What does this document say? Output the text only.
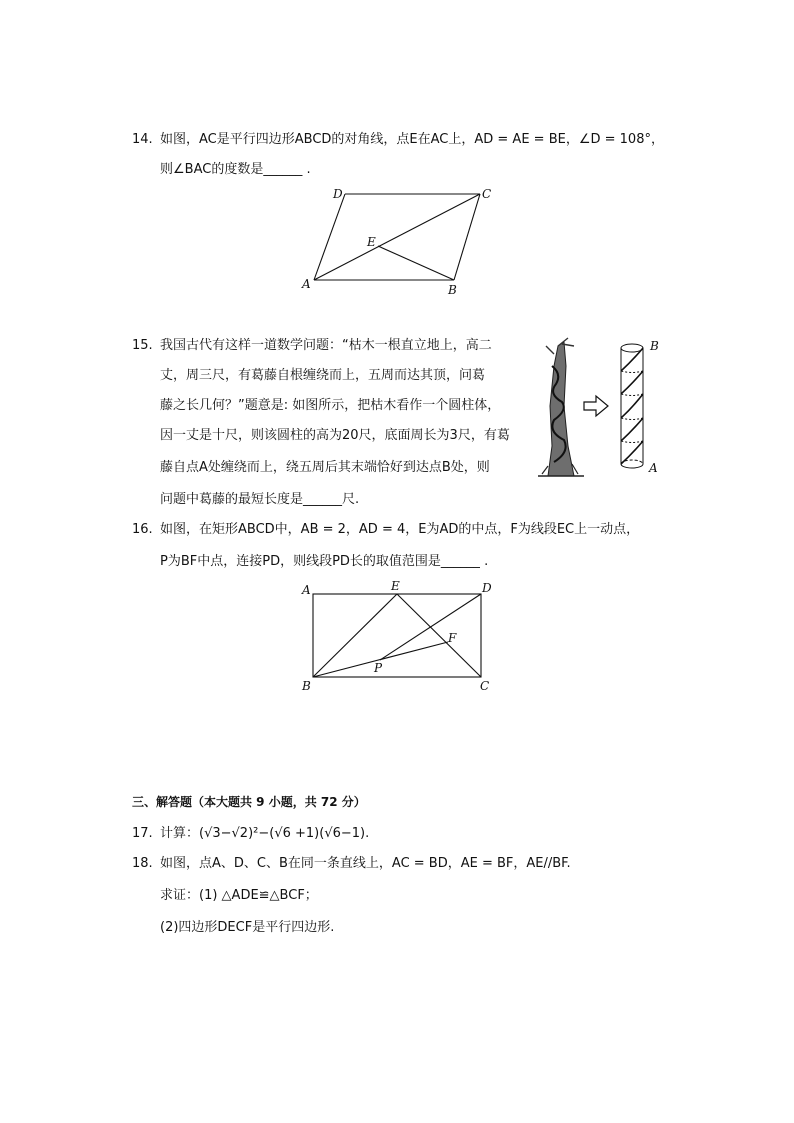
14. 如图，AC是平行四边形ABCD的对角线，点E在AC上，AD = AE = BE，∠D = 108°，
则∠BAC的度数是______ .
A	B
C
D
E
15. 我国古代有这样一道数学问题：“枯木一根直立地上，高二
丈，周三尺，有葛藤自根缠绕而上，五周而达其顶，问葛
藤之长几何？”题意是: 如图所示，把枯木看作一个圆柱体，
因一丈是十尺，则该圆柱的高为20尺，底面周长为3尺，有葛
藤自点A处缠绕而上，绕五周后其末端恰好到达点B处，则
问题中葛藤的最短长度是______尺.
B
A
16. 如图，在矩形ABCD中，AB = 2，AD = 4，E为AD的中点，F为线段EC上一动点，
P为BF中点，连接PD，则线段PD长的取值范围是______ .
A	E	D
F
P
B	C
三、解答题（本大题共 9 小题，共 72 分）
17. 计算：(√3−√2)²−(√6 +1)(√6−1).
18. 如图，点A、D、C、B在同一条直线上，AC = BD，AE = BF，AE//BF.
求证：(1) △ADE≌△BCF；
(2)四边形DECF是平行四边形.
